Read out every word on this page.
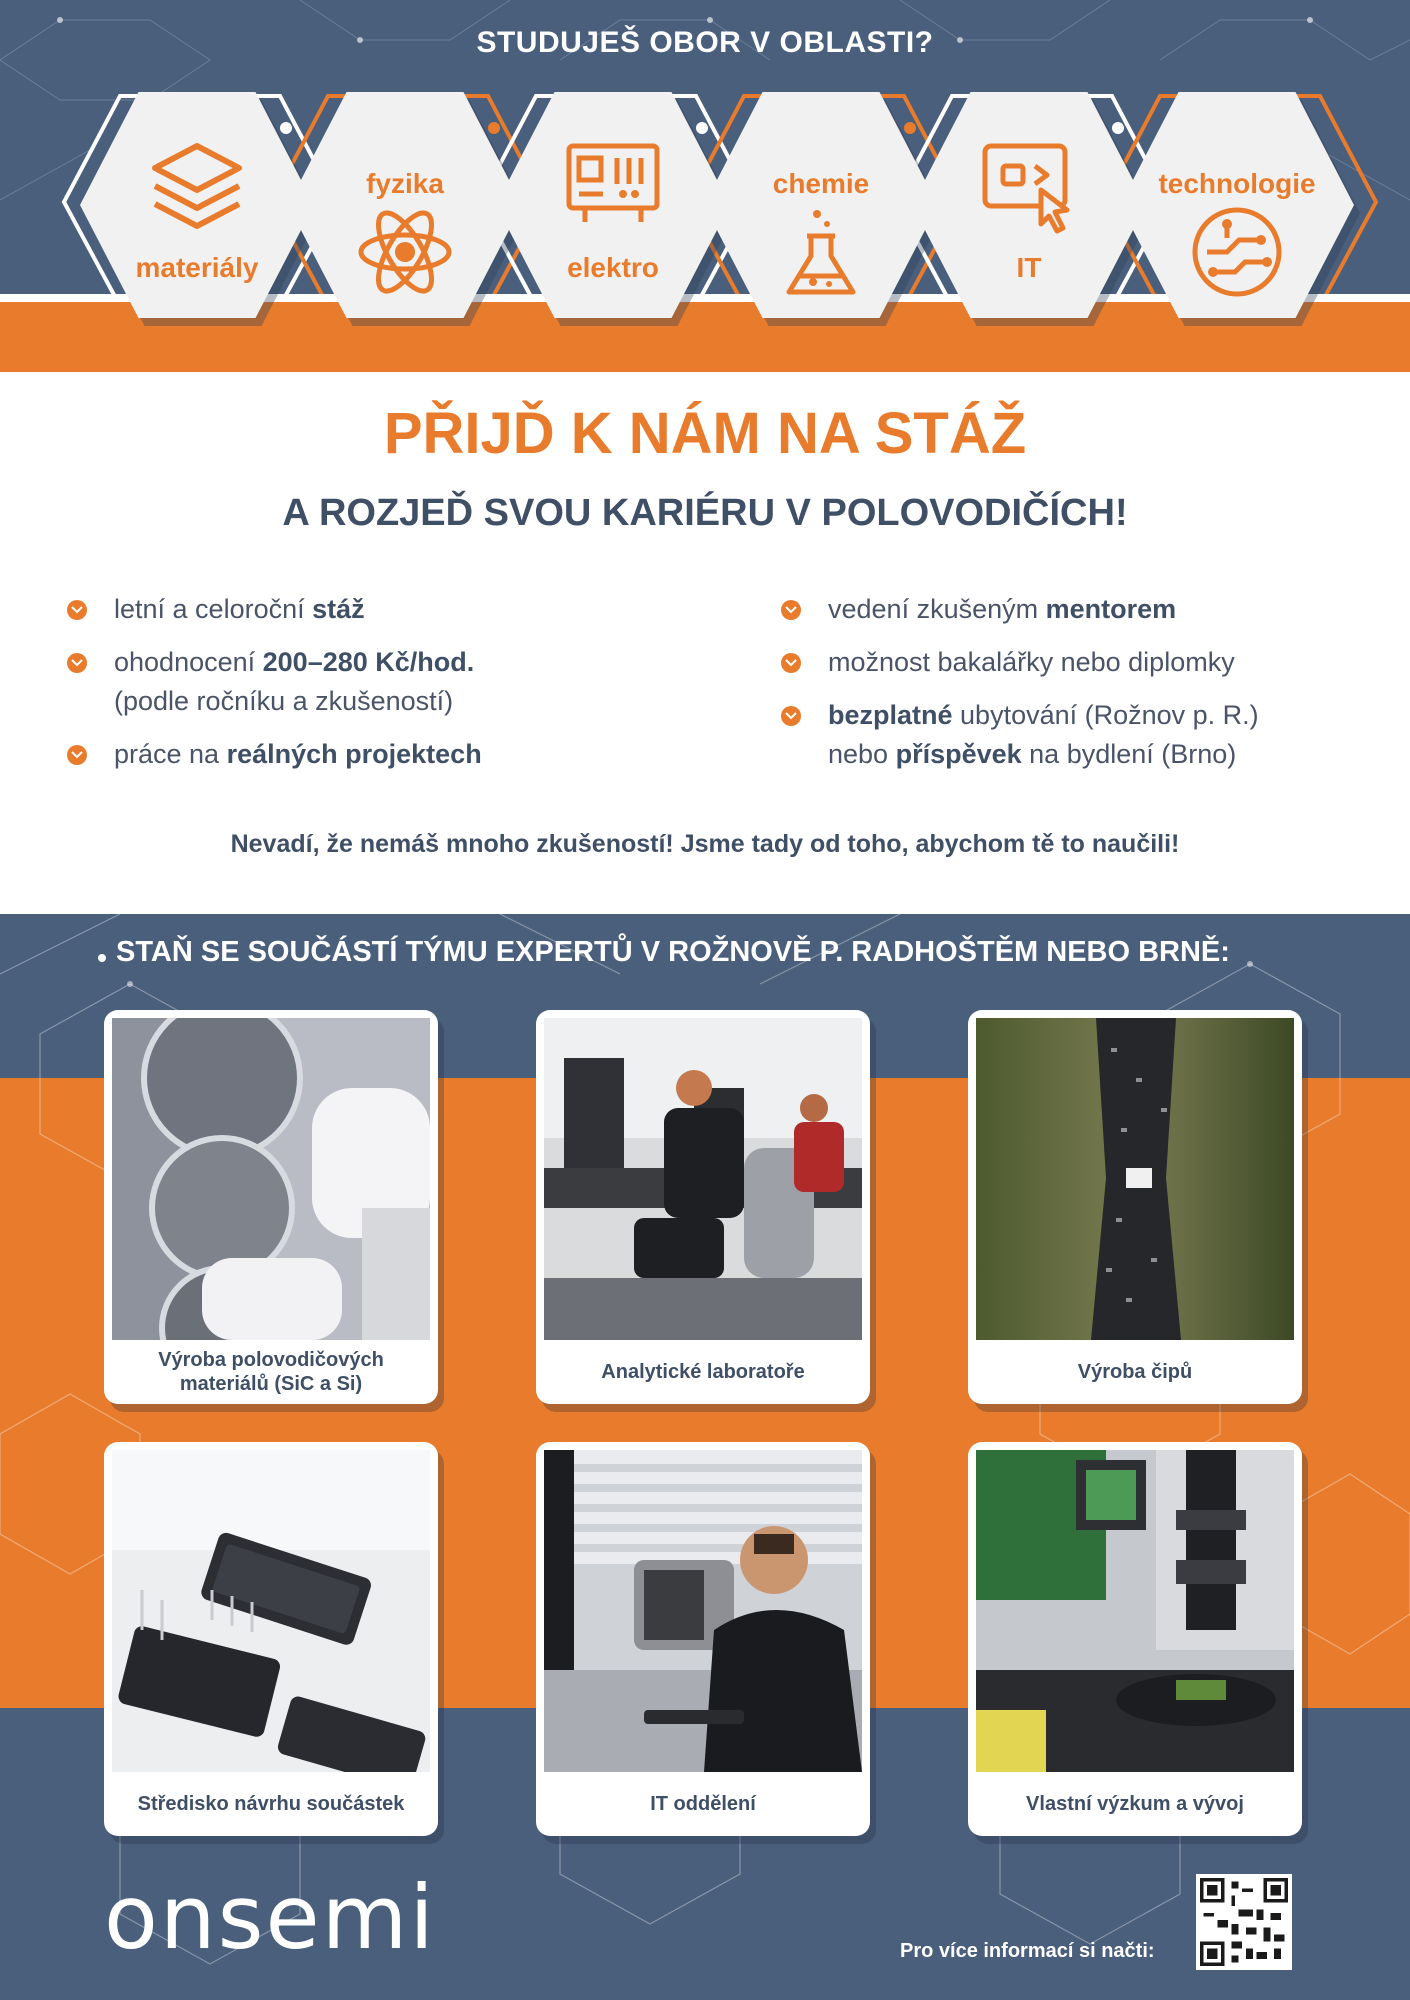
STUDUJEŠ OBOR V OBLASTI?
materiály
fyzika
elektro
chemie
IT
technologie
PŘIJĎ K NÁM NA STÁŽ
A ROZJEĎ SVOU KARIÉRU V POLOVODIČÍCH!
letní a celoroční stáž
ohodnocení 200–280 Kč/hod.
(podle ročníku a zkušeností)
práce na reálných projektech
vedení zkušeným mentorem
možnost bakalářky nebo diplomky
bezplatné ubytování (Rožnov p. R.)
nebo příspěvek na bydlení (Brno)
Nevadí, že nemáš mnoho zkušeností! Jsme tady od toho, abychom tě to naučili!
STAŇ SE SOUČÁSTÍ TÝMU EXPERTŮ V ROŽNOVĚ P. RADHOŠTĚM NEBO BRNĚ:
Výroba polovodičových materiálů (SiC a Si)
Analytické laboratoře	Výroba čipů
Středisko návrhu součástek	IT oddělení	Vlastní výzkum a vývoj
onsemi	Pro více informací si načti:
